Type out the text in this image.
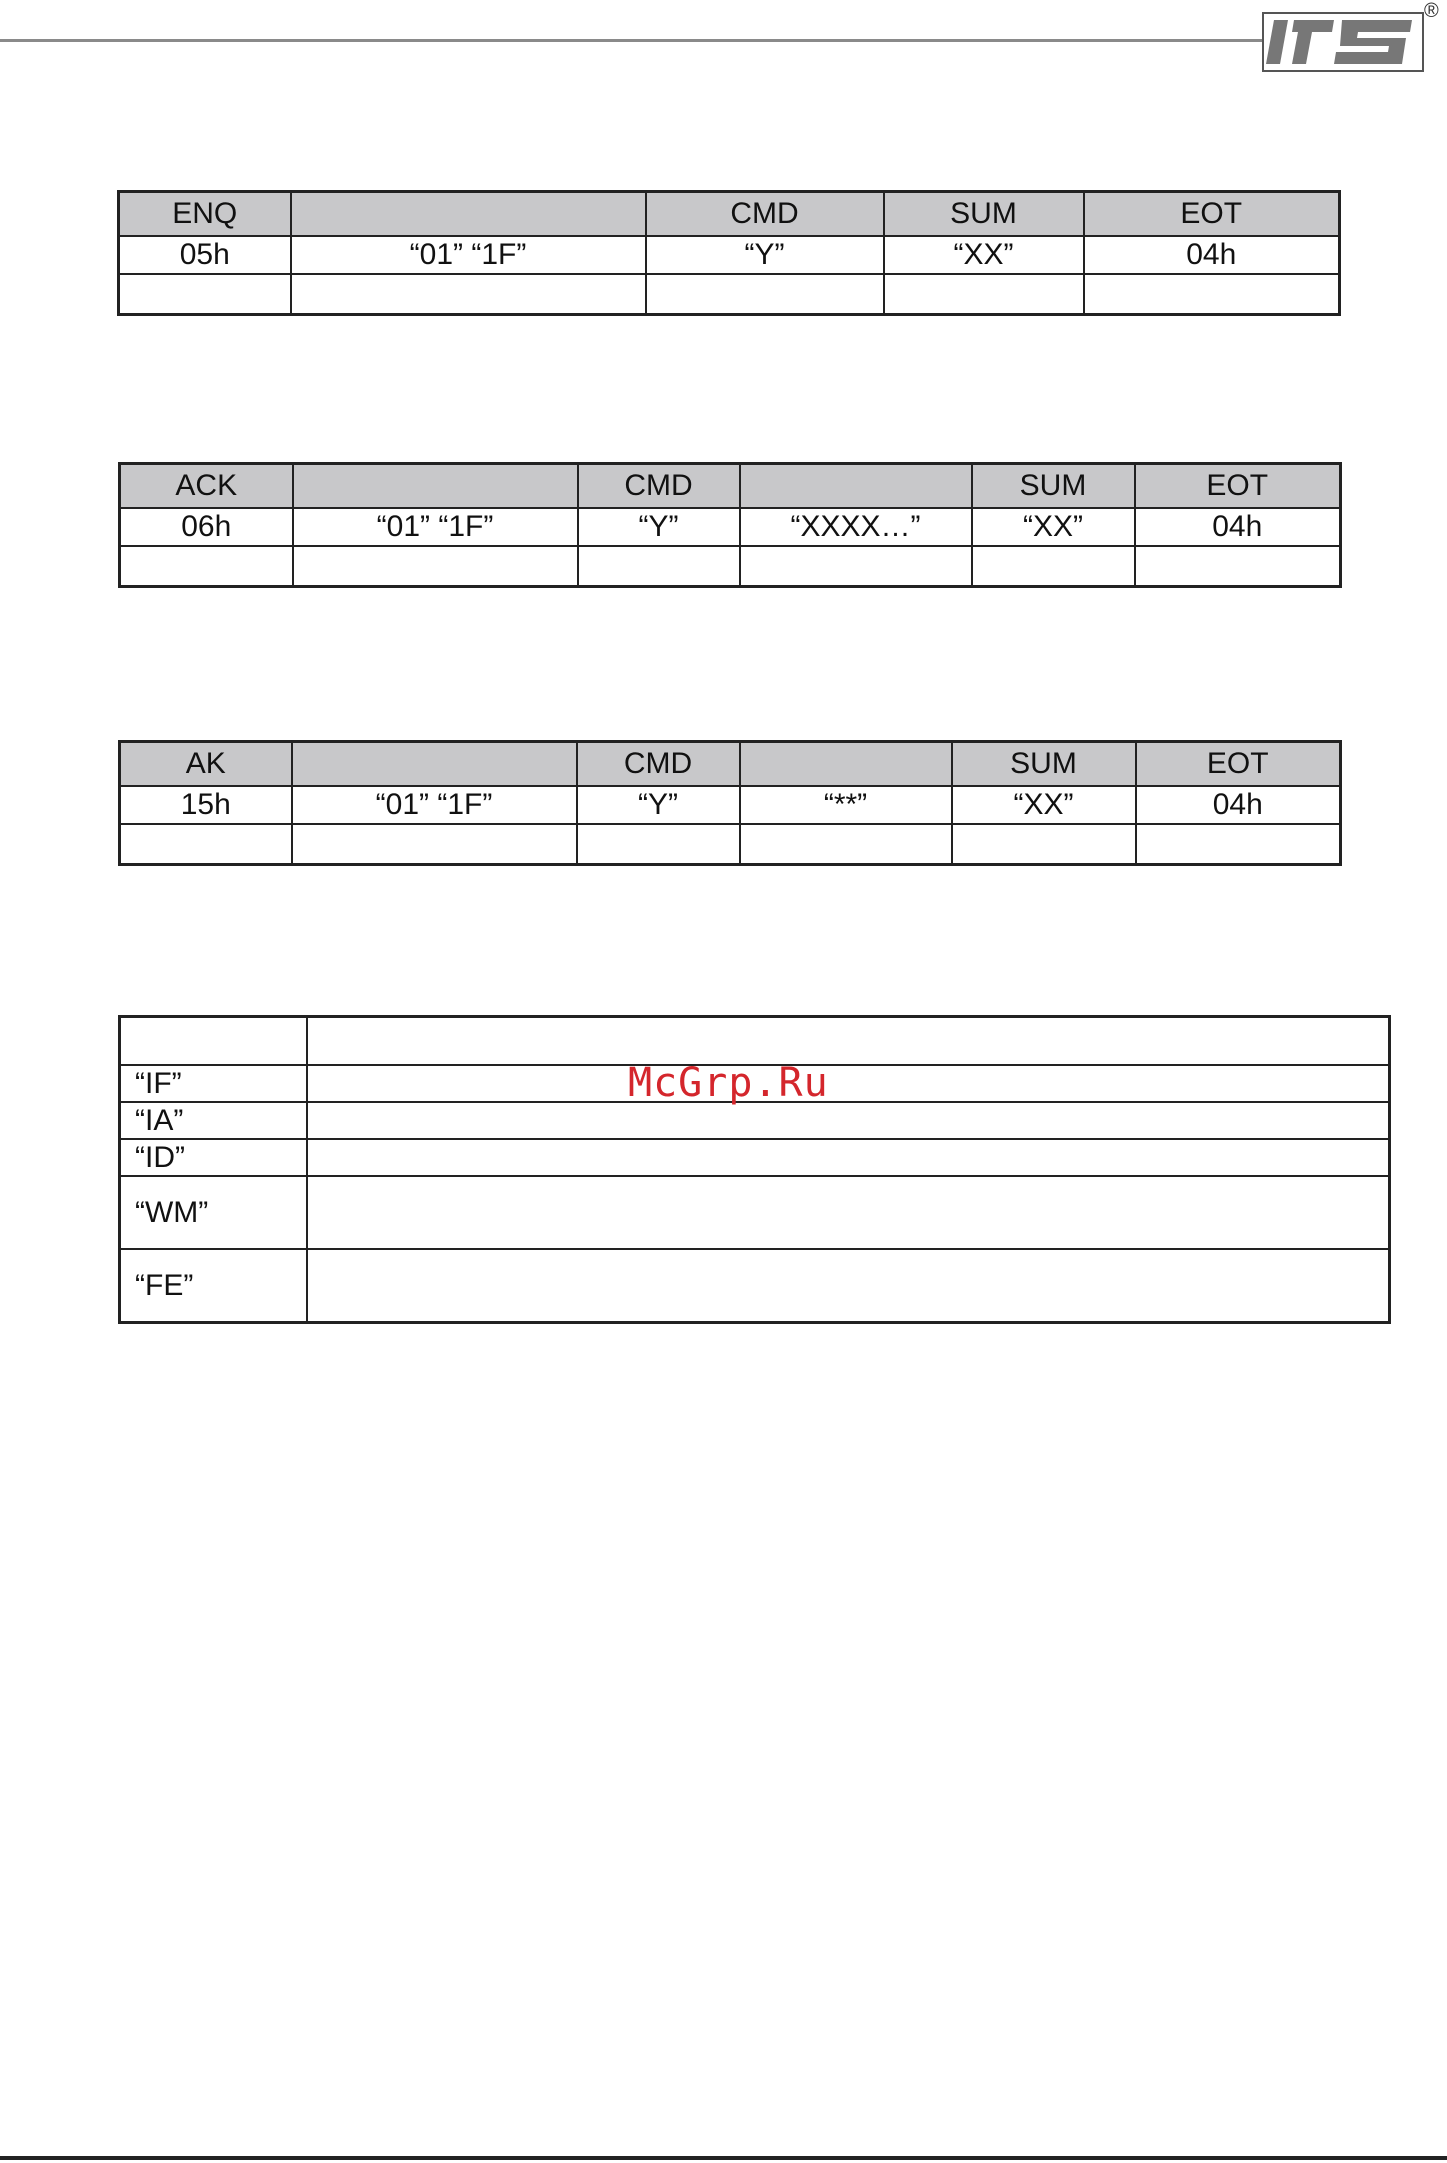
®
ENQ		CMD	SUM	EOT
05h	“01” “1F”	“Y”	“XX”	04h

ACK		CMD		SUM	EOT
06h	“01” “1F”	“Y”	“XXXX…”	“XX”	04h

AK		CMD		SUM	EOT
15h	“01” “1F”	“Y”	“**”	“XX”	04h

“IF”	
“IA”	
“ID”	
“WM”	
“FE”	
McGrp.Ru
